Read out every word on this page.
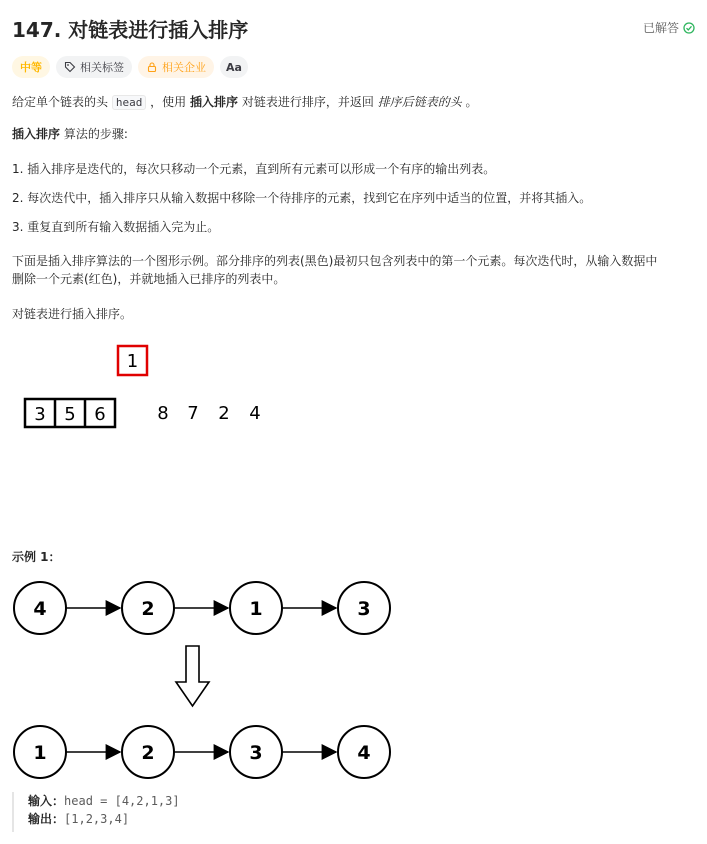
147. 对链表进行插入排序	已解答
中等	相关标签	相关企业 Aa
给定单个链表的头 head ，使用 插入排序 对链表进行排序，并返回 排序后链表的头 。
插入排序 算法的步骤:
1. 插入排序是迭代的，每次只移动一个元素，直到所有元素可以形成一个有序的输出列表。
2. 每次迭代中，插入排序只从输入数据中移除一个待排序的元素，找到它在序列中适当的位置，并将其插入。
3. 重复直到所有输入数据插入完为止。
下面是插入排序算法的一个图形示例。部分排序的列表(黑色)最初只包含列表中的第一个元素。每次迭代时，从输入数据中
删除一个元素(红色)，并就地插入已排序的列表中。
对链表进行插入排序。
1
3 5 6	8 7 2 4
4	2	1	3
1	2	3	4
示例 1：
输入：head = [4,2,1,3]
输出：[1,2,3,4]
